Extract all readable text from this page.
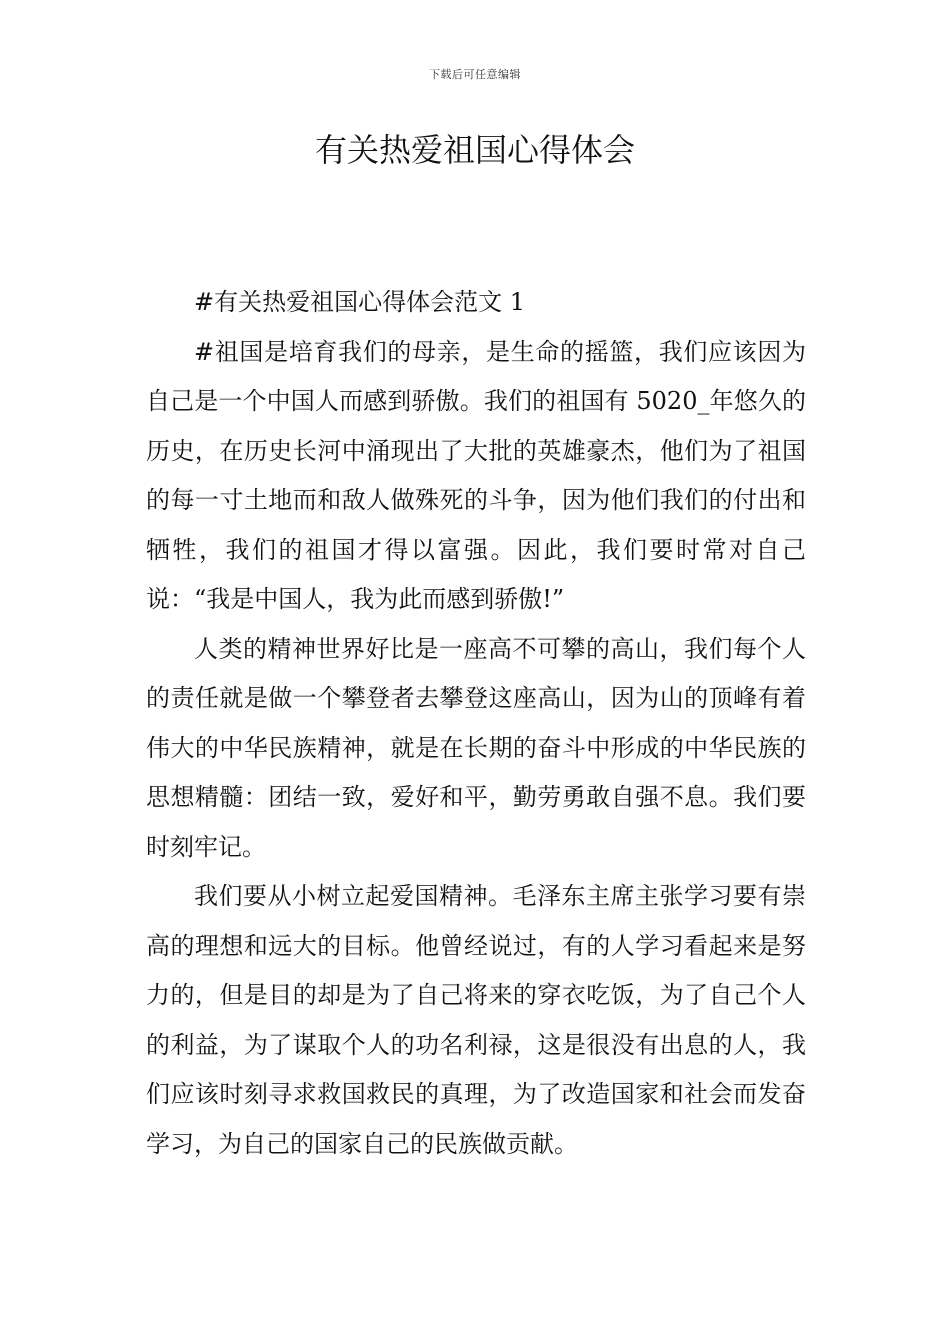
下载后可任意编辑
有关热爱祖国心得体会

#有关热爱祖国心得体会范文 1

#祖国是培育我们的母亲，是生命的摇篮，我们应该因为自己是一个中国人而感到骄傲。我们的祖国有 5020_年悠久的历史，在历史长河中涌现出了大批的英雄豪杰，他们为了祖国的每一寸土地而和敌人做殊死的斗争，因为他们我们的付出和牺牲，我们的祖国才得以富强。因此，我们要时常对自己说：“我是中国人，我为此而感到骄傲!”

人类的精神世界好比是一座高不可攀的高山，我们每个人的责任就是做一个攀登者去攀登这座高山，因为山的顶峰有着伟大的中华民族精神，就是在长期的奋斗中形成的中华民族的思想精髓：团结一致，爱好和平，勤劳勇敢自强不息。我们要时刻牢记。

我们要从小树立起爱国精神。毛泽东主席主张学习要有崇高的理想和远大的目标。他曾经说过，有的人学习看起来是努力的，但是目的却是为了自己将来的穿衣吃饭，为了自己个人的利益，为了谋取个人的功名利禄，这是很没有出息的人，我们应该时刻寻求救国救民的真理，为了改造国家和社会而发奋学习，为自己的国家自己的民族做贡献。
